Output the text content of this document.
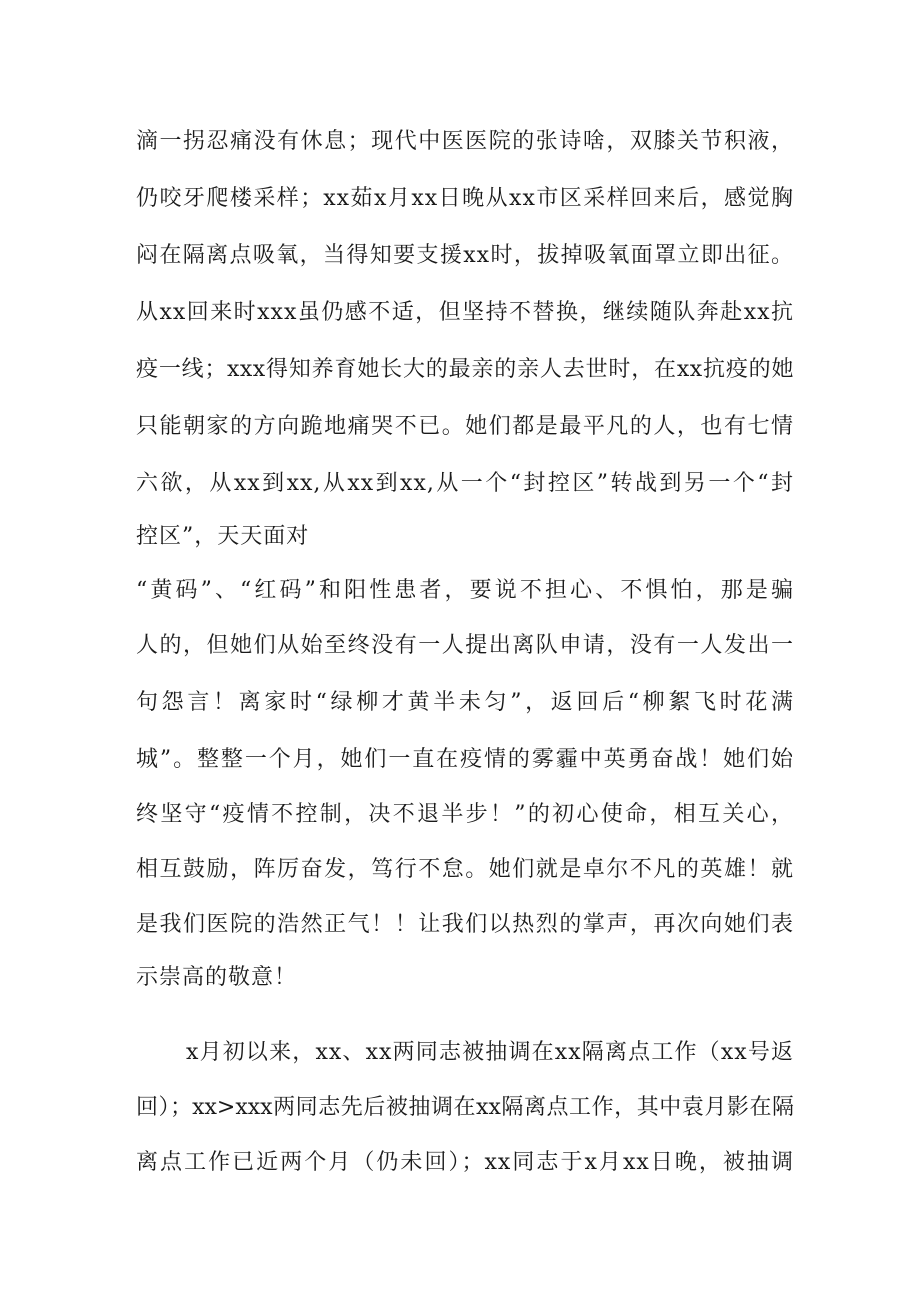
滴一拐忍痛没有休息；现代中医医院的张诗啥，双膝关节积液，
仍咬牙爬楼采样；xx茹x月xx日晚从xx市区采样回来后，感觉胸
闷在隔离点吸氧，当得知要支援xx时，拔掉吸氧面罩立即出征。
从xx回来时xxx虽仍感不适，但坚持不替换，继续随队奔赴xx抗
疫一线；xxx得知养育她长大的最亲的亲人去世时，在xx抗疫的她
只能朝家的方向跪地痛哭不已。她们都是最平凡的人，也有七情
六欲，从xx到xx,从xx到xx,从一个“封控区”转战到另一个“封
控区”，天天面对
“黄码”、“红码”和阳性患者，要说不担心、不惧怕，那是骗
人的，但她们从始至终没有一人提出离队申请，没有一人发出一
句怨言！离家时“绿柳才黄半未匀”，返回后“柳絮飞时花满
城”。整整一个月，她们一直在疫情的雾霾中英勇奋战！她们始
终坚守“疫情不控制，决不退半步！”的初心使命，相互关心，
相互鼓励，阵厉奋发，笃行不怠。她们就是卓尔不凡的英雄！就
是我们医院的浩然正气！！让我们以热烈的掌声，再次向她们表
示崇高的敬意！
x月初以来，xx、xx两同志被抽调在xx隔离点工作（xx号返
回）；xx>xxx两同志先后被抽调在xx隔离点工作，其中袁月影在隔
离点工作已近两个月（仍未回）；xx同志于x月xx日晚，被抽调
